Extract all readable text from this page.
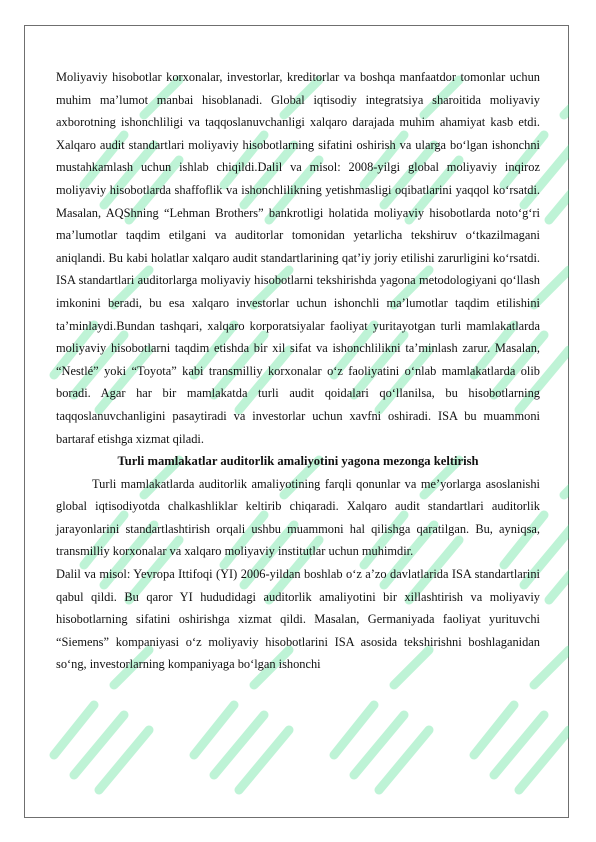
Moliyaviy hisobotlar korxonalar, investorlar, kreditorlar va boshqa manfaatdor tomonlar uchun muhim ma’lumot manbai hisoblanadi. Global iqtisodiy integratsiya sharoitida moliyaviy axborotning ishonchliligi va taqqoslanuvchanligi xalqaro darajada muhim ahamiyat kasb etdi. Xalqaro audit standartlari moliyaviy hisobotlarning sifatini oshirish va ularga bo‘lgan ishonchni mustahkamlash uchun ishlab chiqildi.Dalil va misol: 2008-yilgi global moliyaviy inqiroz moliyaviy hisobotlarda shaffoflik va ishonchlilikning yetishmasligi oqibatlarini yaqqol ko‘rsatdi. Masalan, AQShning “Lehman Brothers” bankrotligi holatida moliyaviy hisobotlarda noto‘g‘ri ma’lumotlar taqdim etilgani va auditorlar tomonidan yetarlicha tekshiruv o‘tkazilmagani aniqlandi. Bu kabi holatlar xalqaro audit standartlarining qat’iy joriy etilishi zarurligini ko‘rsatdi. ISA standartlari auditorlarga moliyaviy hisobotlarni tekshirishda yagona metodologiyani qo‘llash imkonini beradi, bu esa xalqaro investorlar uchun ishonchli ma’lumotlar taqdim etilishini ta’minlaydi.Bundan tashqari, xalqaro korporatsiyalar faoliyat yuritayotgan turli mamlakatlarda moliyaviy hisobotlarni taqdim etishda bir xil sifat va ishonchlilikni ta’minlash zarur. Masalan, “Nestlé” yoki “Toyota” kabi transmilliy korxonalar o‘z faoliyatini o‘nlab mamlakatlarda olib boradi. Agar har bir mamlakatda turli audit qoidalari qo‘llanilsa, bu hisobotlarning taqqoslanuvchanligini pasaytiradi va investorlar uchun xavfni oshiradi. ISA bu muammoni bartaraf etishga xizmat qiladi.

Turli mamlakatlar auditorlik amaliyotini yagona mezonga keltirish

Turli mamlakatlarda auditorlik amaliyotining farqli qonunlar va me’yorlarga asoslanishi global iqtisodiyotda chalkashliklar keltirib chiqaradi. Xalqaro audit standartlari auditorlik jarayonlarini standartlashtirish orqali ushbu muammoni hal qilishga qaratilgan. Bu, ayniqsa, transmilliy korxonalar va xalqaro moliyaviy institutlar uchun muhimdir.

Dalil va misol: Yevropa Ittifoqi (YI) 2006-yildan boshlab o‘z a’zo davlatlarida ISA standartlarini qabul qildi. Bu qaror YI hududidagi auditorlik amaliyotini bir xillashtirish va moliyaviy hisobotlarning sifatini oshirishga xizmat qildi. Masalan, Germaniyada faoliyat yurituvchi “Siemens” kompaniyasi o‘z moliyaviy hisobotlarini ISA asosida tekshirishni boshlaganidan so‘ng, investorlarning kompaniyaga bo‘lgan ishonchi
